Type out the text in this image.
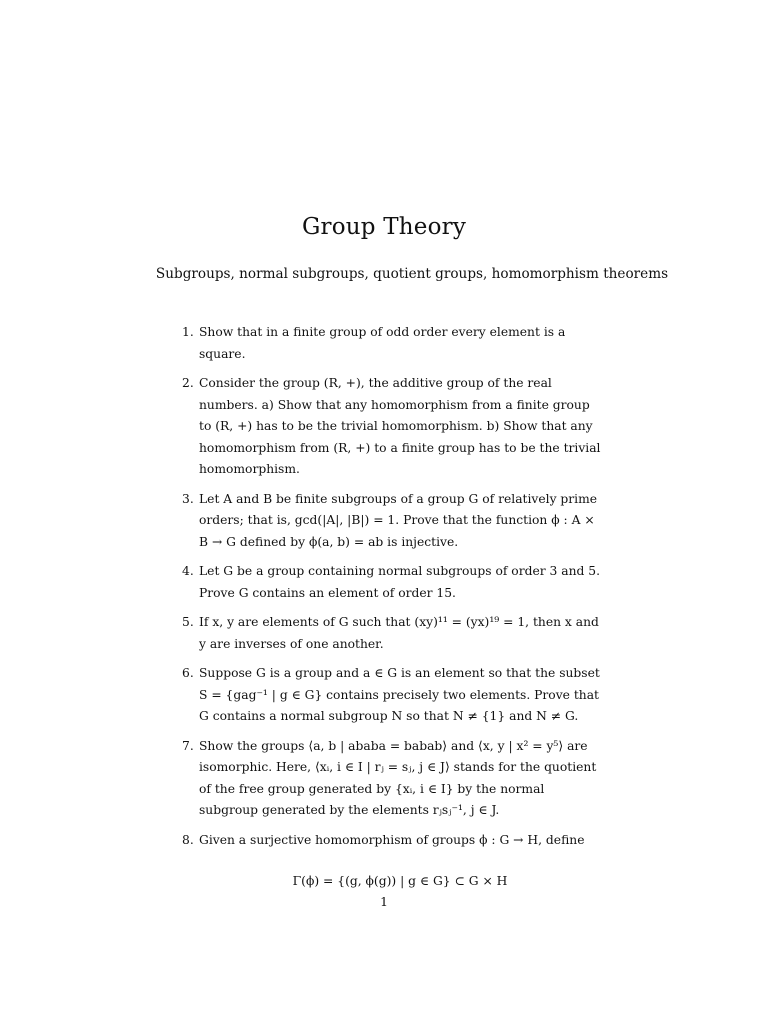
Group Theory
Subgroups, normal subgroups, quotient groups, homomorphism theorems
1 . Show that in a finite group of odd order every element is a square.
2 . Consider the group (R, +), the additive group of the real numbers. a) Show that any homomorphism from a finite group to (R, +) has to be the trivial homomorphism. b) Show that any homomorphism from (R, +) to a finite group has to be the trivial homomorphism.
3 . Let A and B be finite subgroups of a group G of relatively prime orders; that is, gcd(|A|, |B|) = 1. Prove that the function ϕ : A × B → G defined by ϕ(a, b) = ab is injective.
4 . Let G be a group containing normal subgroups of order 3 and 5. Prove G contains an element of order 15.
5 . If x, y are elements of G such that (xy)¹¹ = (yx)¹⁹ = 1, then x and y are inverses of one another.
6 . Suppose G is a group and a ∈ G is an element so that the subset S = {gag⁻¹ | g ∈ G} contains precisely two elements. Prove that G contains a normal subgroup N so that N ≠ {1} and N ≠ G.
7 . Show the groups ⟨a, b | ababa = babab⟩ and ⟨x, y | x² = y⁵⟩ are isomorphic. Here, ⟨xᵢ, i ∈ I | rⱼ = sⱼ, j ∈ J⟩ stands for the quotient of the free group generated by {xᵢ, i ∈ I} by the normal subgroup generated by the elements rⱼsⱼ⁻¹, j ∈ J.
8 . Given a surjective homomorphism of groups ϕ : G → H, define
Γ(ϕ) = {(g, ϕ(g)) | g ∈ G} ⊂ G × H
1
